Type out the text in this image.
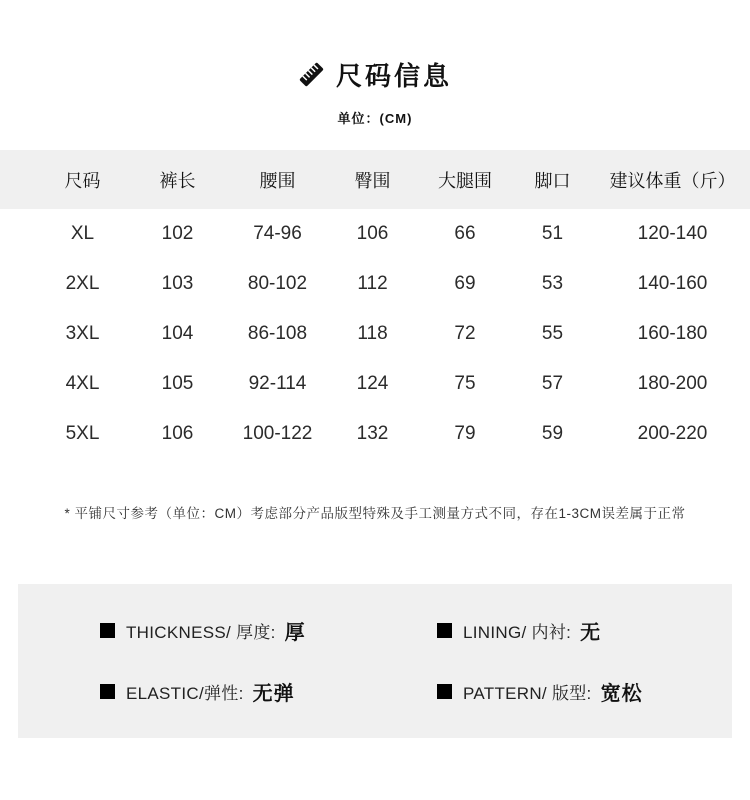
尺码信息
单位：(CM)
尺码	裤长	腰围	臀围	大腿围	脚口	建议体重（斤）
XL	102	74-96	106	66	51	120-140
2XL	103	80-102	112	69	53	140-160
3XL	104	86-108	118	72	55	160-180
4XL	105	92-114	124	75	57	180-200
5XL	106	100-122	132	79	59	200-220

* 平铺尺寸参考（单位：CM）考虑部分产品版型特殊及手工测量方式不同，存在1-3CM误差属于正常

THICKNESS/ 厚度: 厚	LINING/ 内衬: 无
ELASTIC/弹性: 无弹	PATTERN/ 版型: 宽松
